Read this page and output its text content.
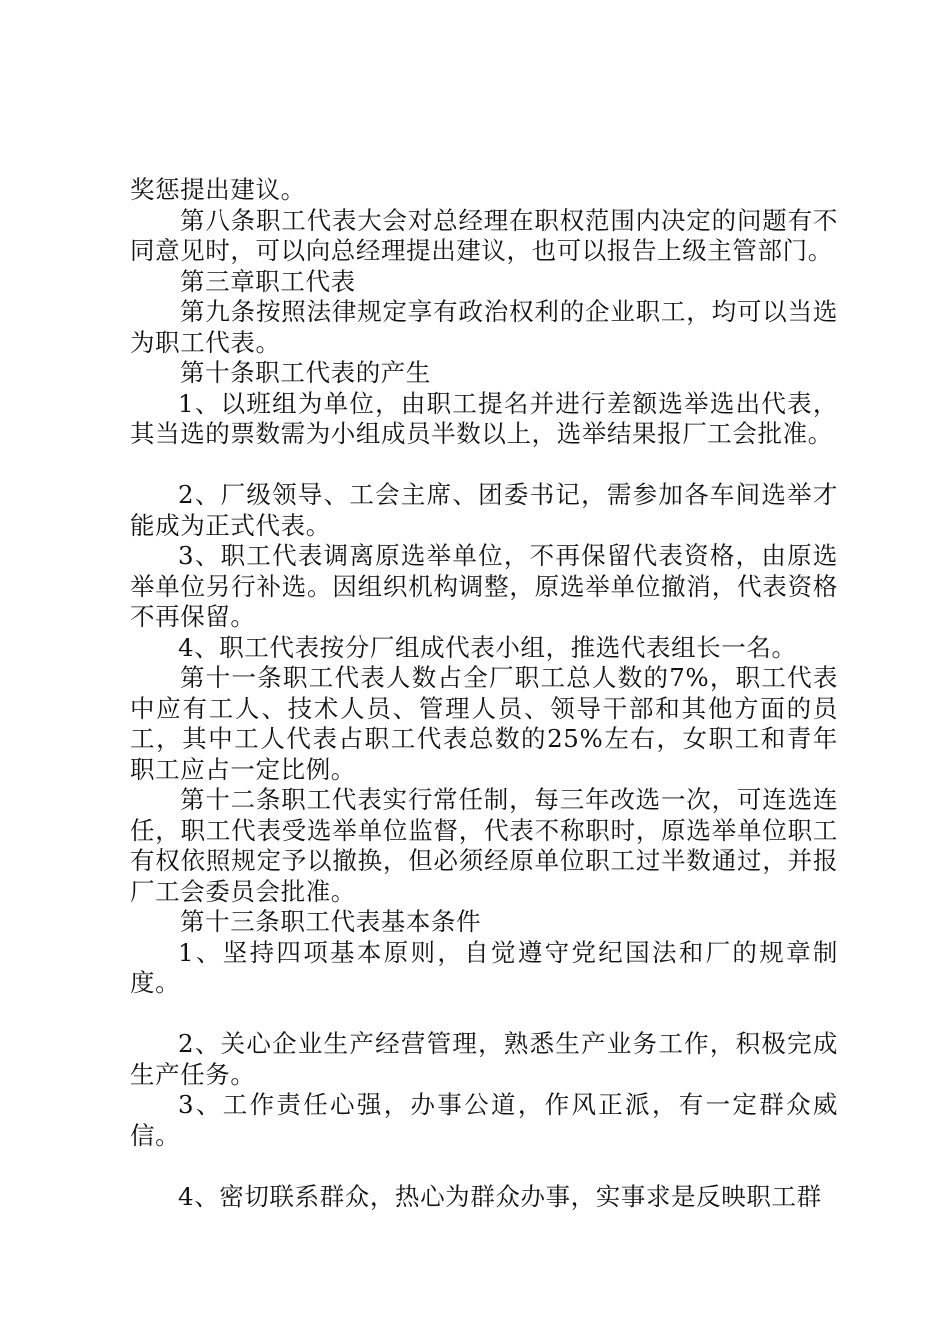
奖惩提出建议。

第八条职工代表大会对总经理在职权范围内决定的问题有不同意见时，可以向总经理提出建议，也可以报告上级主管部门。

第三章职工代表

第九条按照法律规定享有政治权利的企业职工，均可以当选为职工代表。

第十条职工代表的产生

1、以班组为单位，由职工提名并进行差额选举选出代表，其当选的票数需为小组成员半数以上，选举结果报厂工会批准。

2、厂级领导、工会主席、团委书记，需参加各车间选举才能成为正式代表。

3、职工代表调离原选举单位，不再保留代表资格，由原选举单位另行补选。因组织机构调整，原选举单位撤消，代表资格不再保留。

4、职工代表按分厂组成代表小组，推选代表组长一名。

第十一条职工代表人数占全厂职工总人数的7%，职工代表中应有工人、技术人员、管理人员、领导干部和其他方面的员工，其中工人代表占职工代表总数的25%左右，女职工和青年职工应占一定比例。

第十二条职工代表实行常任制，每三年改选一次，可连选连任，职工代表受选举单位监督，代表不称职时，原选举单位职工有权依照规定予以撤换，但必须经原单位职工过半数通过，并报厂工会委员会批准。

第十三条职工代表基本条件

1、坚持四项基本原则，自觉遵守党纪国法和厂的规章制度。

2、关心企业生产经营管理，熟悉生产业务工作，积极完成生产任务。

3、工作责任心强，办事公道，作风正派，有一定群众威信。

4、密切联系群众，热心为群众办事，实事求是反映职工群
